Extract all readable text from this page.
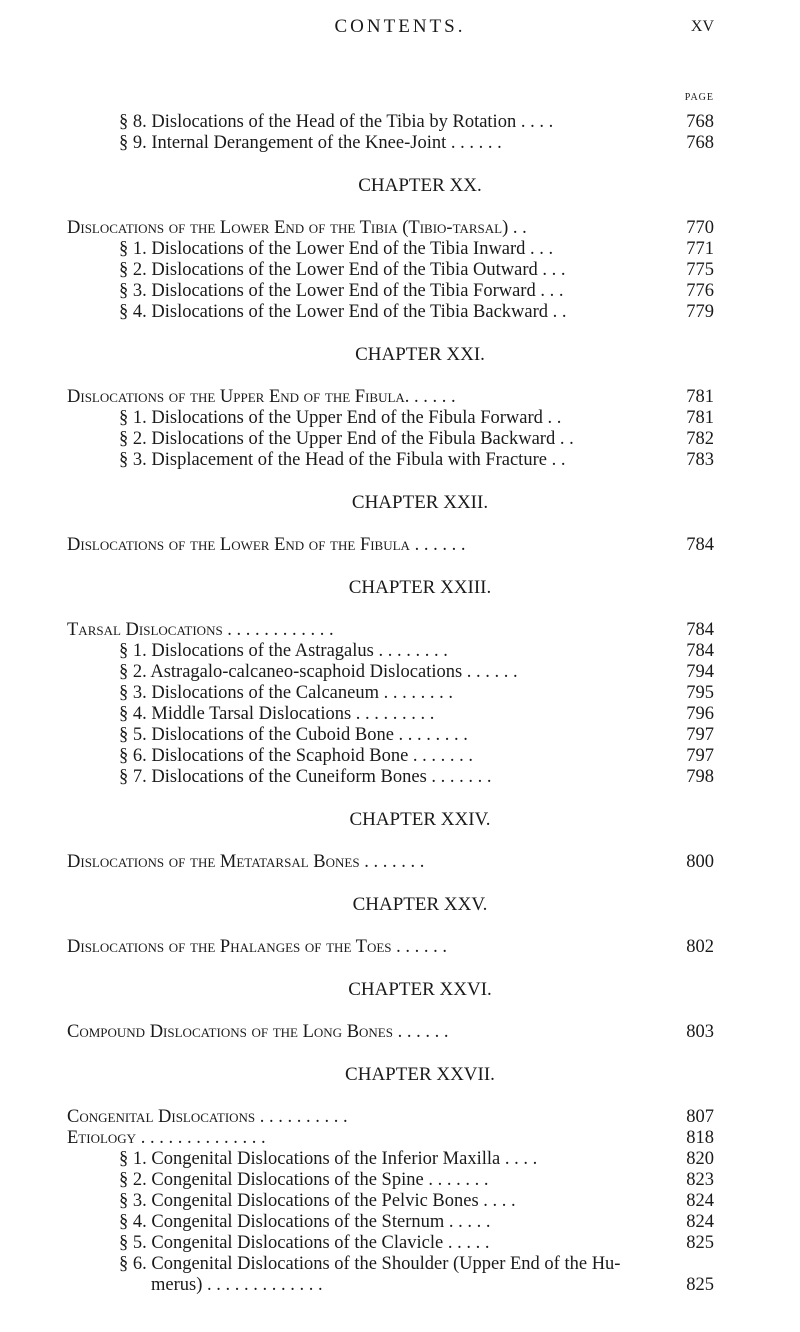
CONTENTS.	XV
PAGE
§ 8. Dislocations of the Head of the Tibia by Rotation . . . .	768
§ 9. Internal Derangement of the Knee-Joint . . . . . .	768
CHAPTER XX.
Dislocations of the Lower End of the Tibia (Tibio-tarsal) . .	770
§ 1. Dislocations of the Lower End of the Tibia Inward . . .	771
§ 2. Dislocations of the Lower End of the Tibia Outward . . .	775
§ 3. Dislocations of the Lower End of the Tibia Forward . . .	776
§ 4. Dislocations of the Lower End of the Tibia Backward . .	779
CHAPTER XXI.
Dislocations of the Upper End of the Fibula. . . . . .	781
§ 1. Dislocations of the Upper End of the Fibula Forward . .	781
§ 2. Dislocations of the Upper End of the Fibula Backward . .	782
§ 3. Displacement of the Head of the Fibula with Fracture . .	783
CHAPTER XXII.
Dislocations of the Lower End of the Fibula . . . . . .	784
CHAPTER XXIII.
Tarsal Dislocations . . . . . . . . . . . .	784
§ 1. Dislocations of the Astragalus . . . . . . . .	784
§ 2. Astragalo-calcaneo-scaphoid Dislocations . . . . . .	794
§ 3. Dislocations of the Calcaneum . . . . . . . .	795
§ 4. Middle Tarsal Dislocations . . . . . . . . .	796
§ 5. Dislocations of the Cuboid Bone . . . . . . . .	797
§ 6. Dislocations of the Scaphoid Bone . . . . . . .	797
§ 7. Dislocations of the Cuneiform Bones . . . . . . .	798
CHAPTER XXIV.
Dislocations of the Metatarsal Bones . . . . . . .	800
CHAPTER XXV.
Dislocations of the Phalanges of the Toes . . . . . .	802
CHAPTER XXVI.
Compound Dislocations of the Long Bones . . . . . .	803
CHAPTER XXVII.
Congenital Dislocations . . . . . . . . . .	807
Etiology . . . . . . . . . . . . . .	818
§ 1. Congenital Dislocations of the Inferior Maxilla . . . .	820
§ 2. Congenital Dislocations of the Spine . . . . . . .	823
§ 3. Congenital Dislocations of the Pelvic Bones . . . .	824
§ 4. Congenital Dislocations of the Sternum . . . . .	824
§ 5. Congenital Dislocations of the Clavicle . . . . .	825
§ 6. Congenital Dislocations of the Shoulder (Upper End of the Hu-
merus) . . . . . . . . . . . . .	825
